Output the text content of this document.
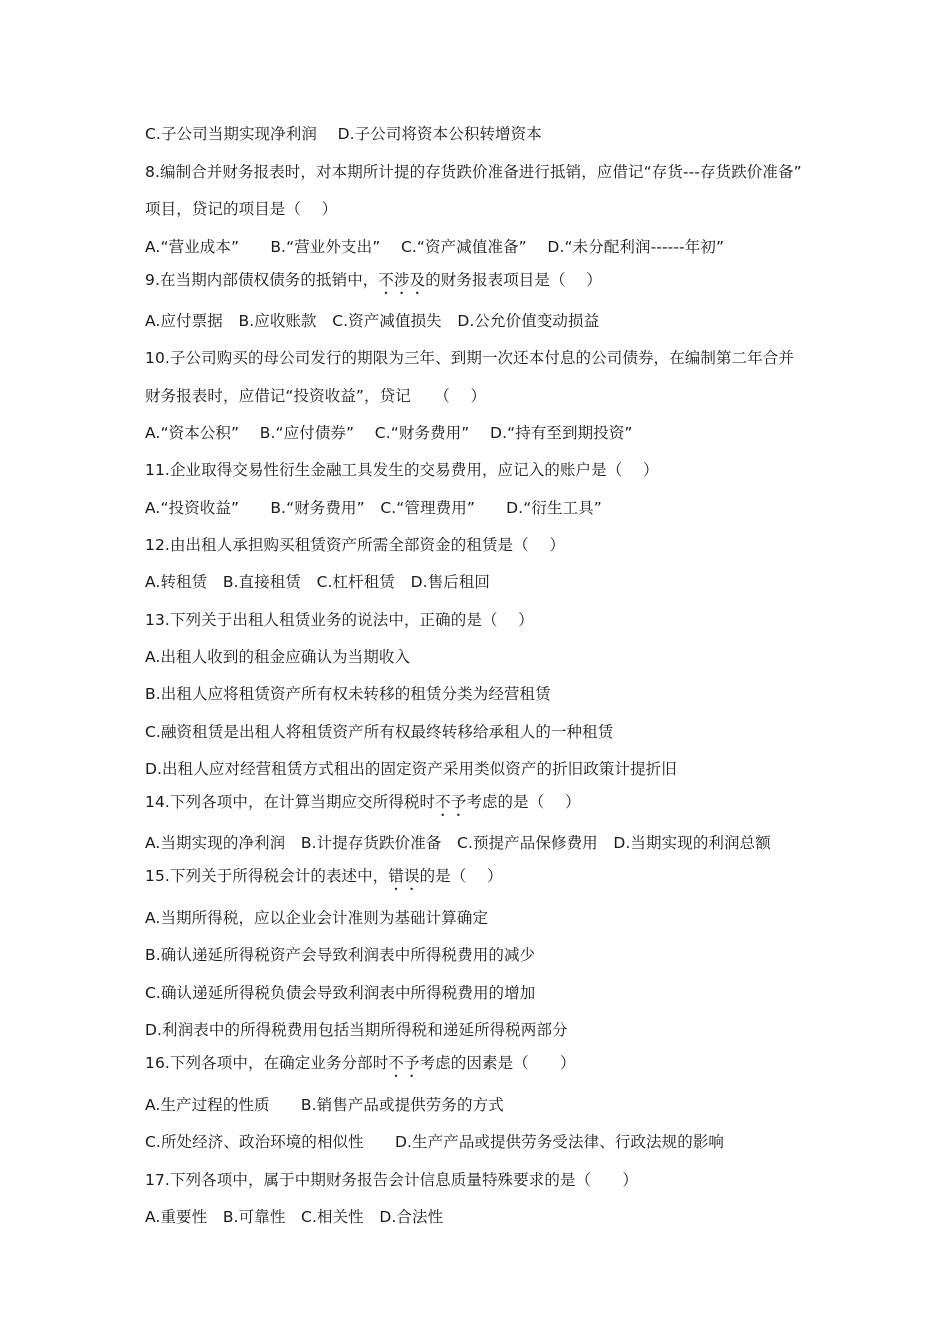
C.子公司当期实现净利润　 D.子公司将资本公积转增资本
8.编制合并财务报表时，对本期所计提的存货跌价准备进行抵销，应借记“存货---存货跌价准备”
项目，贷记的项目是（　 ）
A.“营业成本”　　B.“营业外支出”　 C.“资产减值准备”　 D.“未分配利润------年初”
9.在当期内部债权债务的抵销中，不涉及的财务报表项目是（　 ）
A.应付票据　B.应收账款　C.资产减值损失　D.公允价值变动损益
10.子公司购买的母公司发行的期限为三年、到期一次还本付息的公司债券，在编制第二年合并
财务报表时，应借记“投资收益”，贷记　　（　 ）
A.“资本公积”　 B.“应付债券”　 C.“财务费用”　 D.“持有至到期投资”
11.企业取得交易性衍生金融工具发生的交易费用，应记入的账户是（　 ）
A.“投资收益”　　B.“财务费用”　C.“管理费用”　　D.“衍生工具”
12.由出租人承担购买租赁资产所需全部资金的租赁是（　 ）
A.转租赁　B.直接租赁　C.杠杆租赁　D.售后租回
13.下列关于出租人租赁业务的说法中，正确的是（　 ）
A.出租人收到的租金应确认为当期收入
B.出租人应将租赁资产所有权未转移的租赁分类为经营租赁
C.融资租赁是出租人将租赁资产所有权最终转移给承租人的一种租赁
D.出租人应对经营租赁方式租出的固定资产采用类似资产的折旧政策计提折旧
14.下列各项中，在计算当期应交所得税时不予考虑的是（　 ）
A.当期实现的净利润　B.计提存货跌价准备　C.预提产品保修费用　D.当期实现的利润总额
15.下列关于所得税会计的表述中，错误的是（　 ）
A.当期所得税，应以企业会计准则为基础计算确定
B.确认递延所得税资产会导致利润表中所得税费用的减少
C.确认递延所得税负债会导致利润表中所得税费用的增加
D.利润表中的所得税费用包括当期所得税和递延所得税两部分
16.下列各项中，在确定业务分部时不予考虑的因素是（　　）
A.生产过程的性质　　B.销售产品或提供劳务的方式
C.所处经济、政治环境的相似性　　D.生产产品或提供劳务受法律、行政法规的影响
17.下列各项中，属于中期财务报告会计信息质量特殊要求的是（　　）
A.重要性　B.可靠性　C.相关性　D.合法性
